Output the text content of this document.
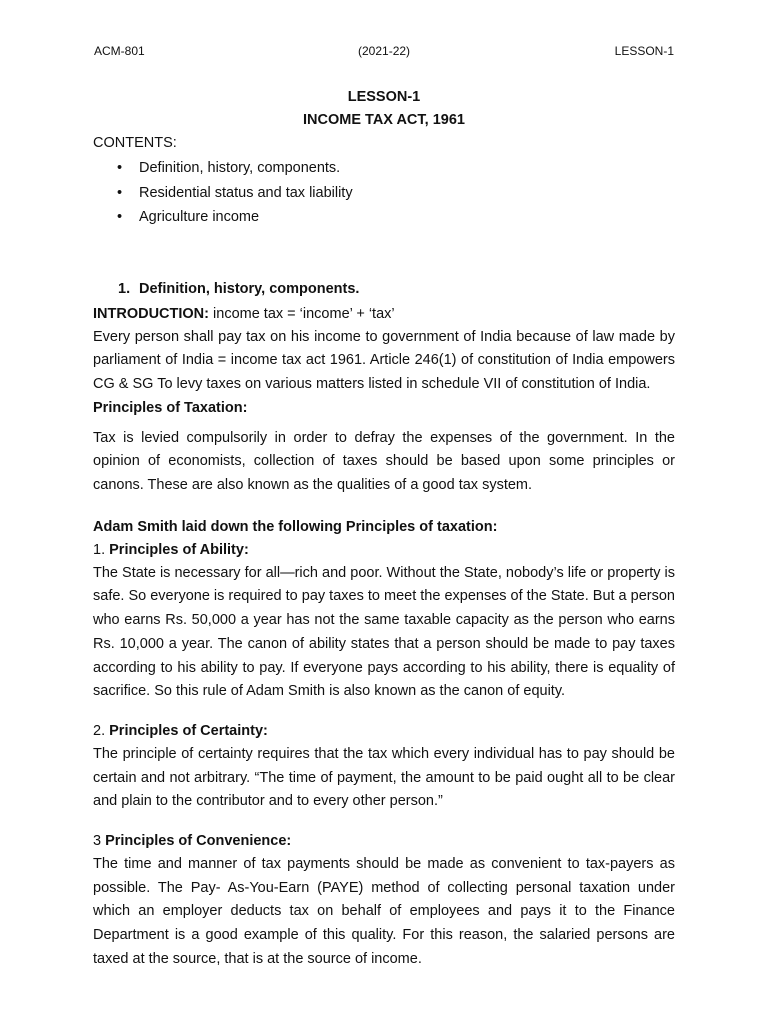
ACM-801	(2021-22)	LESSON-1
LESSON-1
INCOME TAX ACT, 1961

CONTENTS:

• Definition, history, components.
• Residential status and tax liability
• Agriculture income
1. Definition, history, components.

INTRODUCTION: income tax = ‘income’ + ‘tax’

Every person shall pay tax on his income to government of India because of law made by parliament of India = income tax act 1961. Article 246(1) of constitution of India empowers CG & SG To levy taxes on various matters listed in schedule VII of constitution of India.

Principles of Taxation:

Tax is levied compulsorily in order to defray the expenses of the government. In the opinion of economists, collection of taxes should be based upon some principles or canons. These are also known as the qualities of a good tax system.

Adam Smith laid down the following Principles of taxation:

1. Principles of Ability:

The State is necessary for all—rich and poor. Without the State, nobody’s life or property is safe. So everyone is required to pay taxes to meet the expenses of the State. But a person who earns Rs. 50,000 a year has not the same taxable capacity as the person who earns Rs. 10,000 a year. The canon of ability states that a person should be made to pay taxes according to his ability to pay. If everyone pays according to his ability, there is equality of sacrifice. So this rule of Adam Smith is also known as the canon of equity.

2. Principles of Certainty:

The principle of certainty requires that the tax which every individual has to pay should be certain and not arbitrary. “The time of payment, the amount to be paid ought all to be clear and plain to the contributor and to every other person.”

3 Principles of Convenience:

The time and manner of tax payments should be made as convenient to tax-payers as possible. The Pay- As-You-Earn (PAYE) method of collecting personal taxation under which an employer deducts tax on behalf of employees and pays it to the Finance Department is a good example of this quality. For this reason, the salaried persons are taxed at the source, that is at the source of income.
